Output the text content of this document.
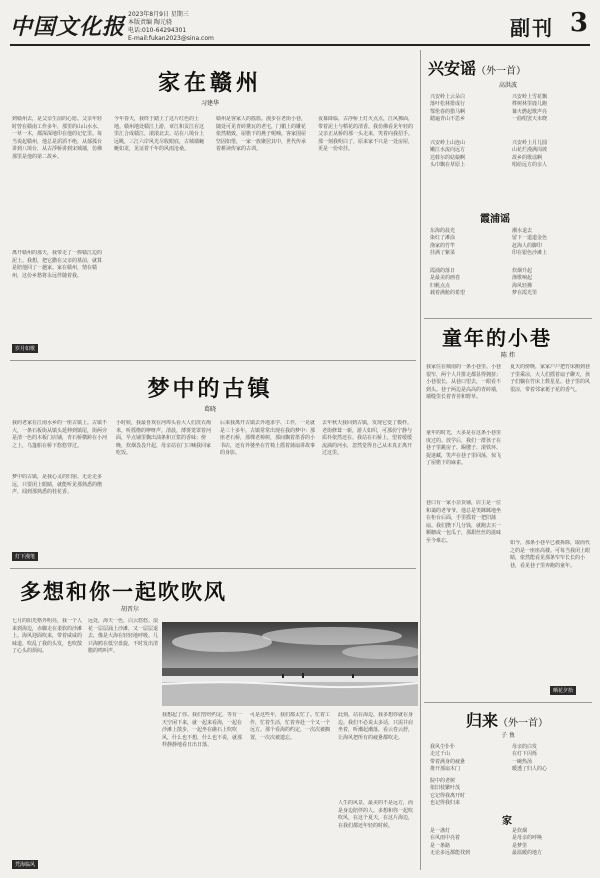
中国文化报 2023年8月9日 星期三
本版责编 陶元骁
电话:010-64294301
E-mail:fukan2023@sina.com	副刊 3
家在赣州
习建华
到赣州去，是父亲生前的心愿。父亲年轻时曾在赣南工作多年，那里的山山水水、一草一木，都深深地印在他的记忆里。每当说起赣州，他总是滔滔不绝，从郁孤台讲到八境台，从古浮桥讲到宋城墙，仿佛那里是他的第二故乡。
今年春天，我终于踏上了这片红色的土地。赣州地处赣江上游，章江和贡江在这里汇合成赣江，滚滚北去。站在八境台上远眺，三江六岸风光尽收眼底，古城墙蜿蜒如龙，见证着千年的风雨沧桑。
赣州是客家人的摇篮。漫步在老街小巷，随处可见青砖黛瓦的老宅，门楣上的雕花依然精致，屋檐下的燕子呢喃。客家围屋坚固如堡，一家一族聚居其中，世代传承着耕读传家的古训。
夜幕降临，古浮桥上灯火点点，江风拂面，带着泥土与稻花的清香。我仿佛看见年轻的父亲正从桥的那一头走来，笑着向我招手。那一刻我明白了，原来家不只是一处房屋，更是一份牵挂。
离开赣州的那天，我带走了一捧赣江边的泥土。我想，把它撒在父亲的墓前，就算是陪他回了一趟家。家在赣州，情在赣州，这份乡愁将永远伴随着我。
岁月如歌
梦中的古镇
葛晓
我的老家在江南水乡的一座古镇上。古镇不大，一条石板街从镇头延伸到镇尾，街两旁是清一色的木板门店铺，青石桥横跨在小河之上，乌篷船在桥下悠悠穿过。
梦中的古镇，是我心灵的归宿。无论走多远，只要闭上眼睛，就能听见那熟悉的橹声，闻到那熟悉的桂花香。
小时候，我最喜欢在河埠头看大人们洗衣淘米，听摇橹的咿呀声。清晨，薄雾笼罩着河面，早点铺里飘出油条和豆浆的香味；傍晚，炊烟袅袅升起，母亲站在门口喊我回家吃饭。
后来我离开古镇去外地求学、工作，一晃就是三十多年。古镇常常出现在我的梦中：那座老石桥，那棵老樟树，那间飘着墨香的小书店，还有外婆坐在竹椅上摇着蒲扇讲故事的身影。
去年秋天我回到古镇，发现它变了模样。老街修葺一新，游人如织，可那份宁静与质朴依然还在。我站在石桥上，望着缓缓流淌的河水，忽然觉得自己从未真正离开过这里。
灯下漫笔
多想和你一起吹吹风
胡晋尔
七月的阳光格外明亮，我一个人来到海边，赤脚走在柔软的沙滩上。海风迎面吹来，带着咸咸的味道，吹乱了我的头发，也吹散了心头的烦闷。
远处，海天一色，白云悠悠。浪花一层层涌上沙滩，又一层层退去，像是大海在轻轻地呼吸。几只海鸥在低空盘旋，不时发出清脆的鸣叫声。
我想起了你。我们曾经约定，等有一天空闲下来，就一起来看海，一起在沙滩上散步，一起坐在礁石上吹吹风，什么也不想，什么也不说，就那样静静地看日出日落。
可是这些年，我们都太忙了。忙着工作，忙着生活，忙着奔赴一个又一个远方。那个看海的约定，一次次被搁置，一次次被遗忘。
此刻，站在海边，我多想你就在身边。我们不必说太多话，只需并肩坐着，听潮起潮落，看云卷云舒，让海风把所有的疲惫都吹走。
人生的风景，最美的不是远方，而是身边陪伴的人。多想和你一起吹吹风，在这个夏天，在这片海边，在我们都还年轻的时候。
凭海临风
兴安谣（外一首）
高洪波
兴安岭上云朵白
落叶松林排成行
鄂伦春的猎马啊
踏遍青山不思乡
兴安岭上雪花飘
桦树林里鹿儿跑
篝火燃起歌声亮
一曲唱罢天未晓
兴安岭上山连山
嫩江水流向远方
达斡尔的姑娘啊
头巾飘在草原上
兴安岭上月儿圆
山花烂漫满岗坡
故乡的歌谣啊
唱给远方的亲人
霞浦谣
东海的晨光
染红了滩涂
渔家的竹竿
挂满了紫菜
潮水退去
留下一道道金色
赶海人的脚印
印在银色沙滩上
霞浦的落日
是最美的画卷
归帆点点
载着满舱的希望
炊烟升起
渔歌响起
海风轻拂
梦在霞光里
童年的小巷
陈 炜
我家住在城南的一条小巷里。小巷很窄，两个人并排走都显得拥挤；小巷很长，从巷口望去，一眼看不到头。巷子两边是高高的青砖墙，墙缝里长着青苔和野草。
童年的时光，大多是在这条小巷里度过的。放学后，我们一群孩子在巷子里跳房子、踢毽子、滚铁环、捉迷藏，笑声在巷子里回荡，惊飞了屋檐下的麻雀。
巷口有一家小杂货铺，店主是一位和蔼的老爷爷。他总是笑眯眯地坐在柜台后面，手里摇着一把旧蒲扇。我们攒下几分钱，就跑去买一颗糖或一包瓜子，那甜丝丝的滋味至今难忘。
夏天的傍晚，家家户户把竹床搬到巷子里乘凉，大人们摇着扇子聊天，孩子们躺在竹床上数星星。巷子里的风很凉，带着邻家栀子花的香气。
如今，那条小巷早已被拆除，取而代之的是一座座高楼。可每当我闭上眼睛，依然能看见那条窄窄长长的小巷，看见巷子里奔跑的童年。
晒花夕拾
归来（外一首）
子 鱼
我风尘仆仆
走过千山
带着满身的疲惫
推开那扇木门
母亲的白发
在灯下闪烁
一碗热汤
暖透了归人的心
院中的老树
依旧枝繁叶茂
它记得我离开时
也记得我归来
家
是一盏灯
在风雨中亮着
是一条路
无论多远都能找到
是炊烟
是母亲的呼唤
是梦里
最温暖的地方
